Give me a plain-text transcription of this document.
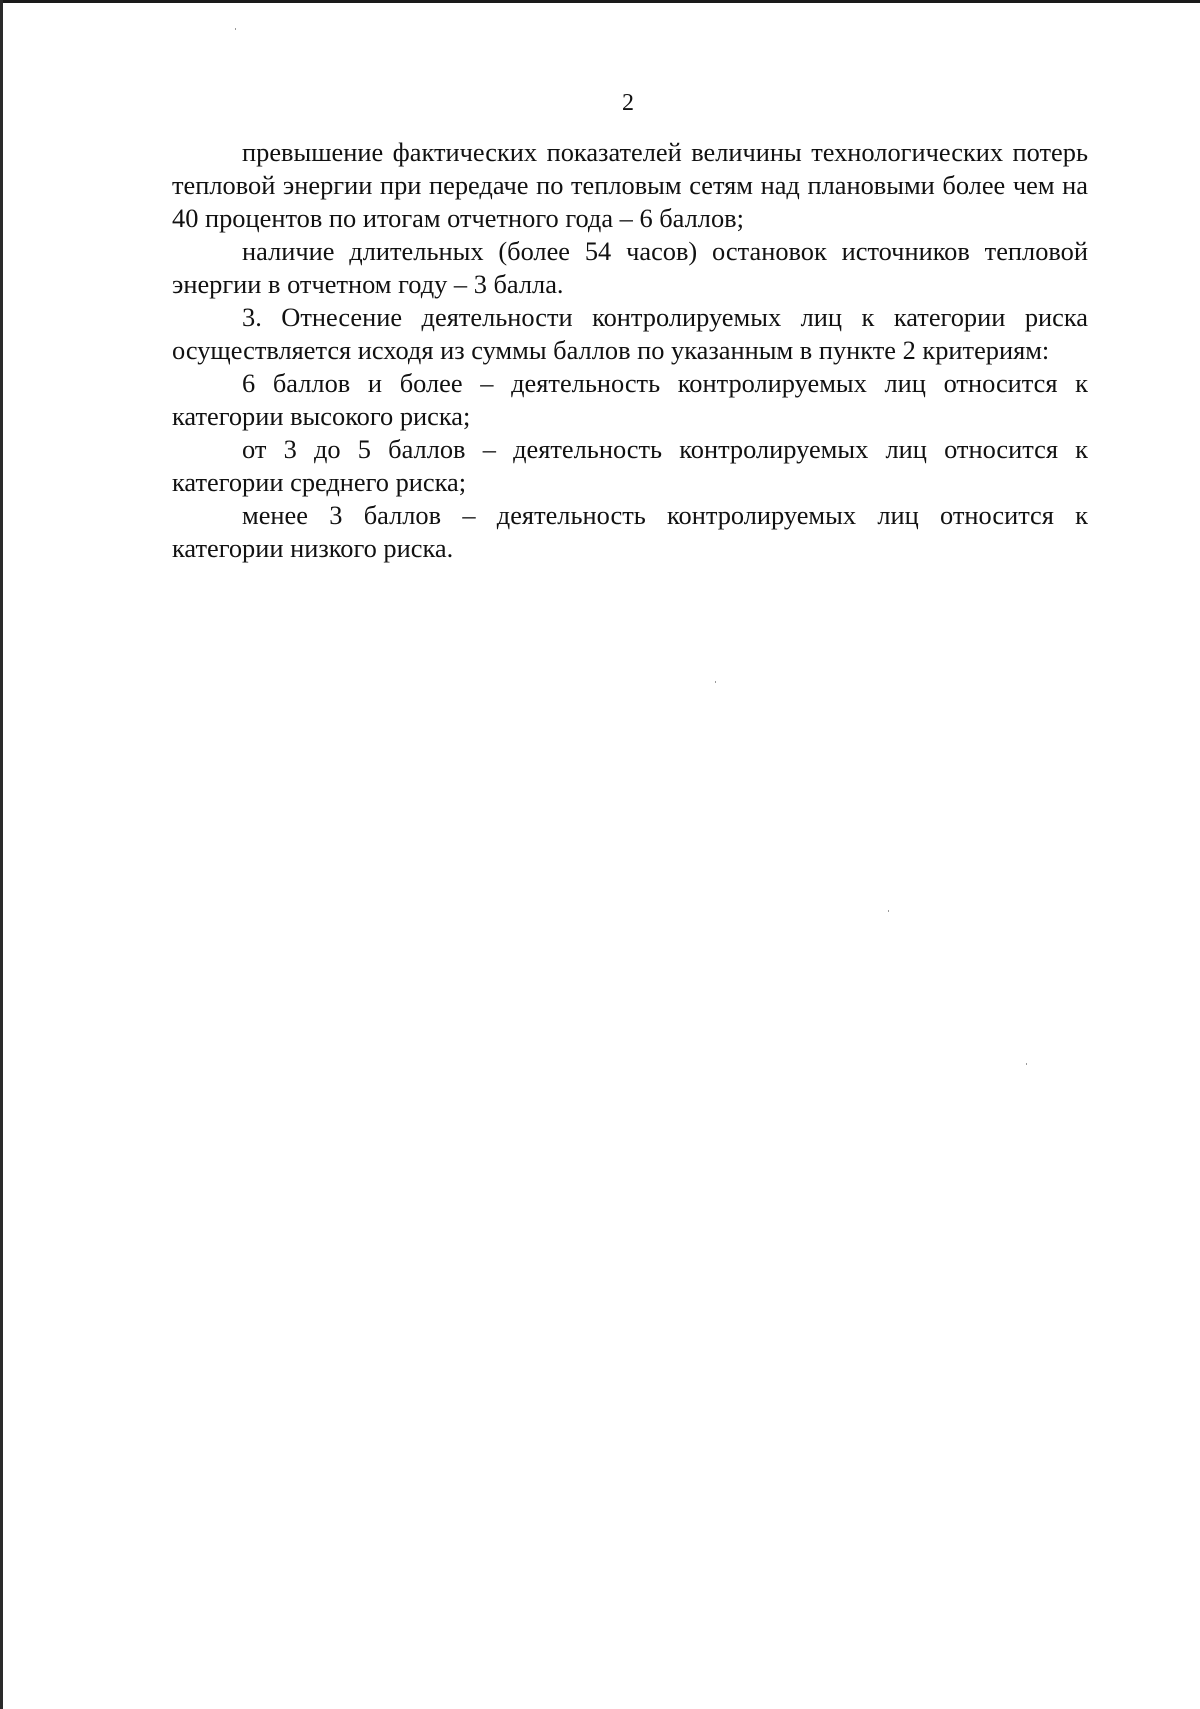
2

превышение фактических показателей величины технологических потерь тепловой энергии при передаче по тепловым сетям над плановыми более чем на 40 процентов по итогам отчетного года – 6 баллов;

наличие длительных (более 54 часов) остановок источников тепловой энергии в отчетном году – 3 балла.

3. Отнесение деятельности контролируемых лиц к категории риска осуществляется исходя из суммы баллов по указанным в пункте 2 критериям:

6 баллов и более – деятельность контролируемых лиц относится к категории высокого риска;

от 3 до 5 баллов – деятельность контролируемых лиц относится к категории среднего риска;

менее 3 баллов – деятельность контролируемых лиц относится к категории низкого риска.
